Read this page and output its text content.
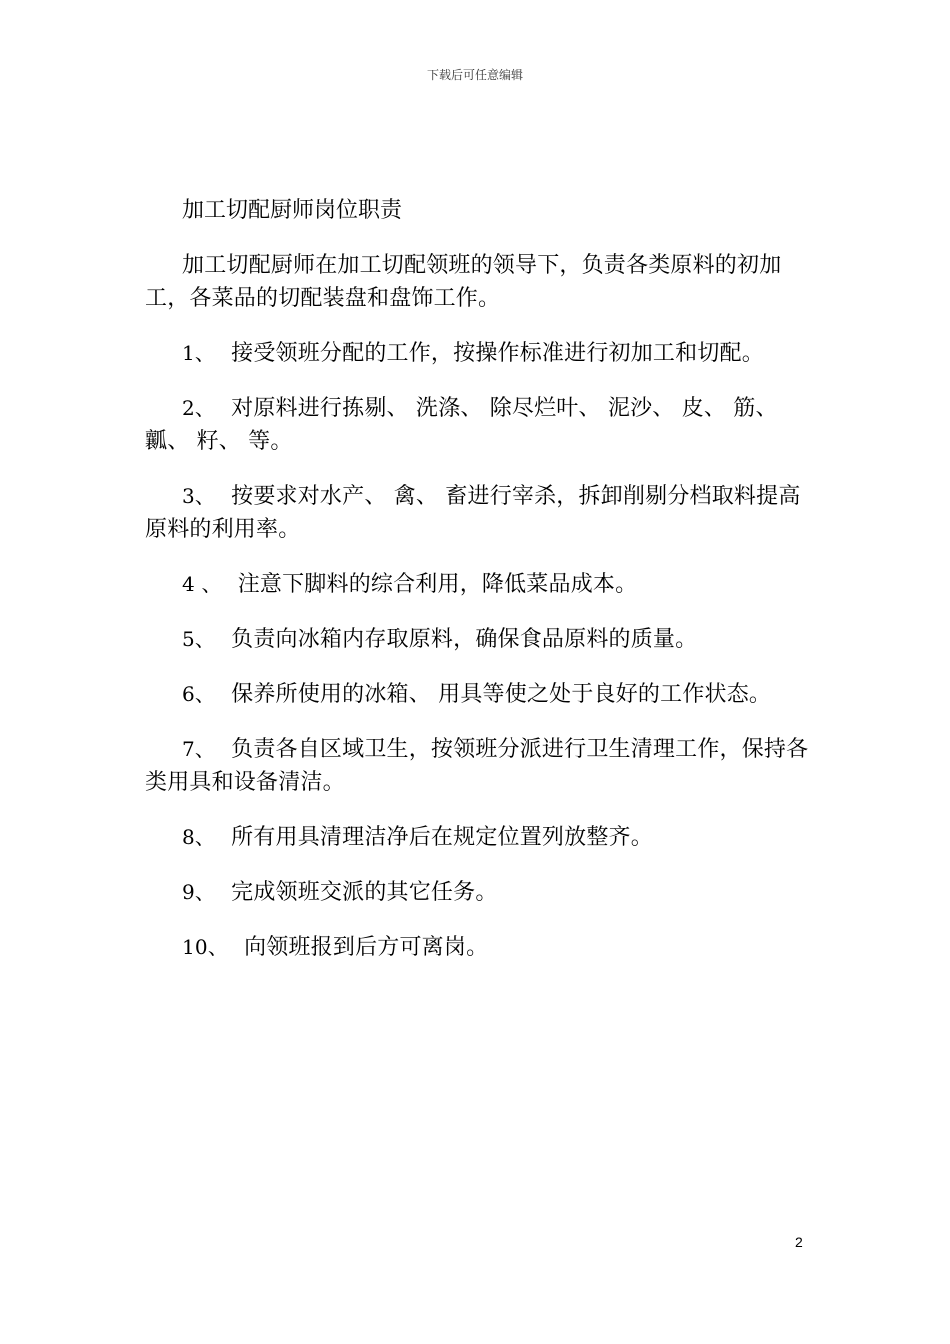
下载后可任意编辑

加工切配厨师岗位职责

加工切配厨师在加工切配领班的领导下，负责各类原料的初加工，各菜品的切配装盘和盘饰工作。

1、 接受领班分配的工作，按操作标准进行初加工和切配。

2、 对原料进行拣剔、 洗涤、 除尽烂叶、 泥沙、 皮、 筋、 瓤、 籽、 等。

3、 按要求对水产、 禽、 畜进行宰杀，拆卸削剔分档取料提高原料的利用率。

4 、 注意下脚料的综合利用，降低菜品成本。

5、 负责向冰箱内存取原料，确保食品原料的质量。

6、 保养所使用的冰箱、 用具等使之处于良好的工作状态。

7、 负责各自区域卫生，按领班分派进行卫生清理工作，保持各类用具和设备清洁。

8、 所有用具清理洁净后在规定位置列放整齐。

9、 完成领班交派的其它任务。

10、 向领班报到后方可离岗。

2
